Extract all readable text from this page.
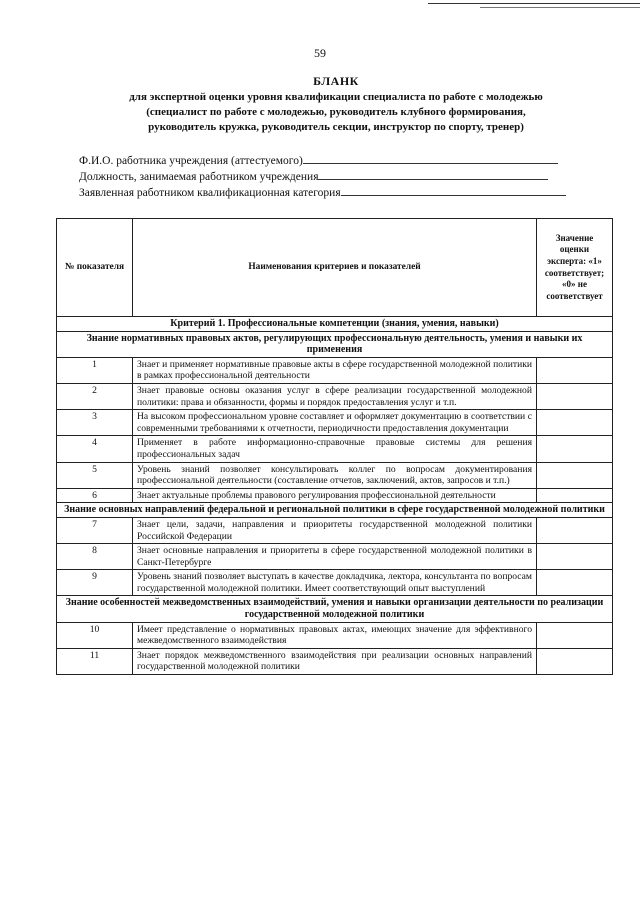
59
БЛАНК
для экспертной оценки уровня квалификации специалиста по работе с молодежью
(специалист по работе с молодежью, руководитель клубного формирования,
руководитель кружка, руководитель секции, инструктор по спорту, тренер)
Ф.И.О. работника учреждения (аттестуемого)
Должность, занимаемая работником учреждения
Заявленная работником квалификационная категория
№ показателя	Наименования критериев и показателей	Значение оценки эксперта: «1» соответствует; «0» не соответствует
Критерий 1. Профессиональные компетенции (знания, умения, навыки)		
Знание нормативных правовых актов, регулирующих профессиональную деятельность, умения и навыки их применения		
1	Знает и применяет нормативные правовые акты в сфере государственной молодежной политики в рамках профессиональной деятельности	
2	Знает правовые основы оказания услуг в сфере реализации государственной молодежной политики: права и обязанности, формы и порядок предоставления услуг и т.п.	
3	На высоком профессиональном уровне составляет и оформляет документацию в соответствии с современными требованиями к отчетности, периодичности предоставления документации	
4	Применяет в работе информационно-справочные правовые системы для решения профессиональных задач	
5	Уровень знаний позволяет консультировать коллег по вопросам документирования профессиональной деятельности (составление отчетов, заключений, актов, запросов и т.п.)	
6	Знает актуальные проблемы правового регулирования профессиональной деятельности	
Знание основных направлений федеральной и региональной политики в сфере государственной молодежной политики		
7	Знает цели, задачи, направления и приоритеты государственной молодежной политики Российской Федерации	
8	Знает основные направления и приоритеты в сфере государственной молодежной политики в Санкт-Петербурге	
9	Уровень знаний позволяет выступать в качестве докладчика, лектора, консультанта по вопросам государственной молодежной политики. Имеет соответствующий опыт выступлений	
Знание особенностей межведомственных взаимодействий, умения и навыки организации деятельности по реализации государственной молодежной политики		
10	Имеет представление о нормативных правовых актах, имеющих значение для эффективного межведомственного взаимодействия	
11	Знает порядок межведомственного взаимодействия при реализации основных направлений государственной молодежной политики	
